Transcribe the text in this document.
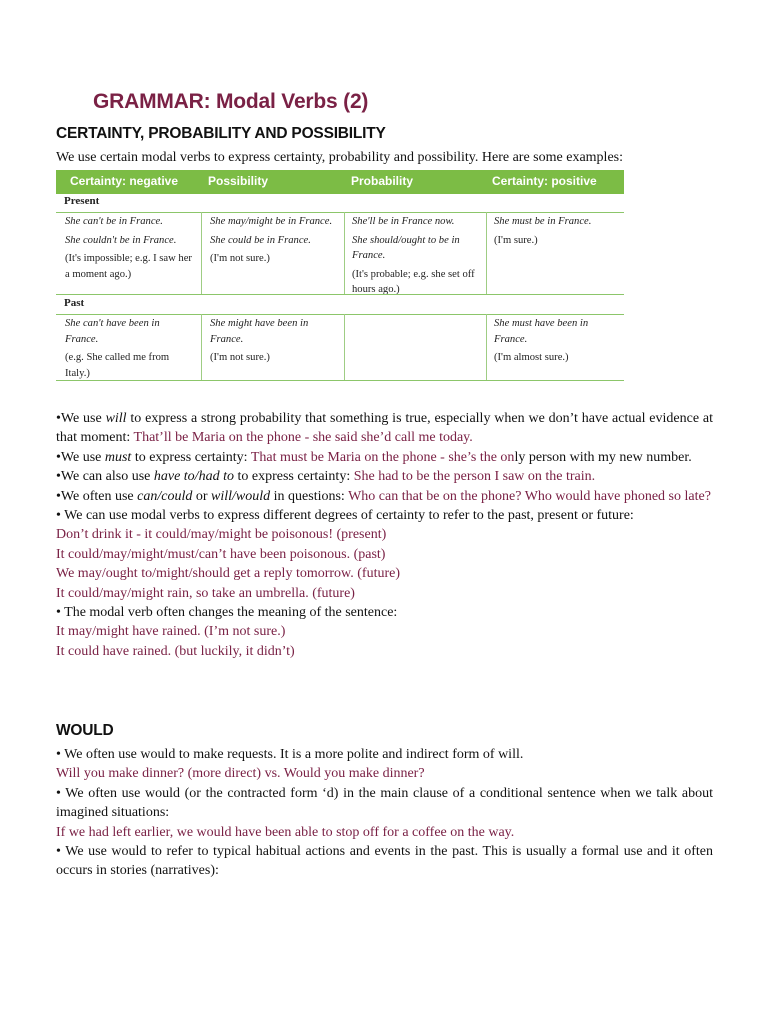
GRAMMAR: Modal Verbs (2)
CERTAINTY, PROBABILITY AND POSSIBILITY
We use certain modal verbs to express certainty, probability and possibility. Here are some examples:
Certainty: negative Possibility	Probability	Certainty: positive
Present

She can't be in France.

She couldn't be in France.

(It's impossible; e.g. I saw her a moment ago.)

She may/might be in France.

She could be in France.

(I'm not sure.)

She'll be in France now.

She should/ought to be in France.

(It's probable; e.g. she set off hours ago.)

She must be in France.

(I'm sure.)

Past

She can't have been in France.

(e.g. She called me from Italy.)

She might have been in France.

(I'm not sure.)

She must have been in France.

(I'm almost sure.)

•We use will to express a strong probability that something is true, especially when we don’t have actual evidence at that moment: That’ll be Maria on the phone - she said she’d call me today.

•We use must to express certainty: That must be Maria on the phone - she’s the only person with my new number.

•We can also use have to/had to to express certainty: She had to be the person I saw on the train.

•We often use can/could or will/would in questions: Who can that be on the phone? Who would have phoned so late?

• We can use modal verbs to express different degrees of certainty to refer to the past, present or future:

Don’t drink it - it could/may/might be poisonous! (present)

It could/may/might/must/can’t have been poisonous. (past)

We may/ought to/might/should get a reply tomorrow. (future)

It could/may/might rain, so take an umbrella. (future)

• The modal verb often changes the meaning of the sentence:

It may/might have rained. (I’m not sure.)

It could have rained. (but luckily, it didn’t)

WOULD

• We often use would to make requests. It is a more polite and indirect form of will.

Will you make dinner? (more direct) vs. Would you make dinner?

• We often use would (or the contracted form ‘d) in the main clause of a conditional sentence when we talk about imagined situations:

If we had left earlier, we would have been able to stop off for a coffee on the way.

• We use would to refer to typical habitual actions and events in the past. This is usually a formal use and it often occurs in stories (narratives):
